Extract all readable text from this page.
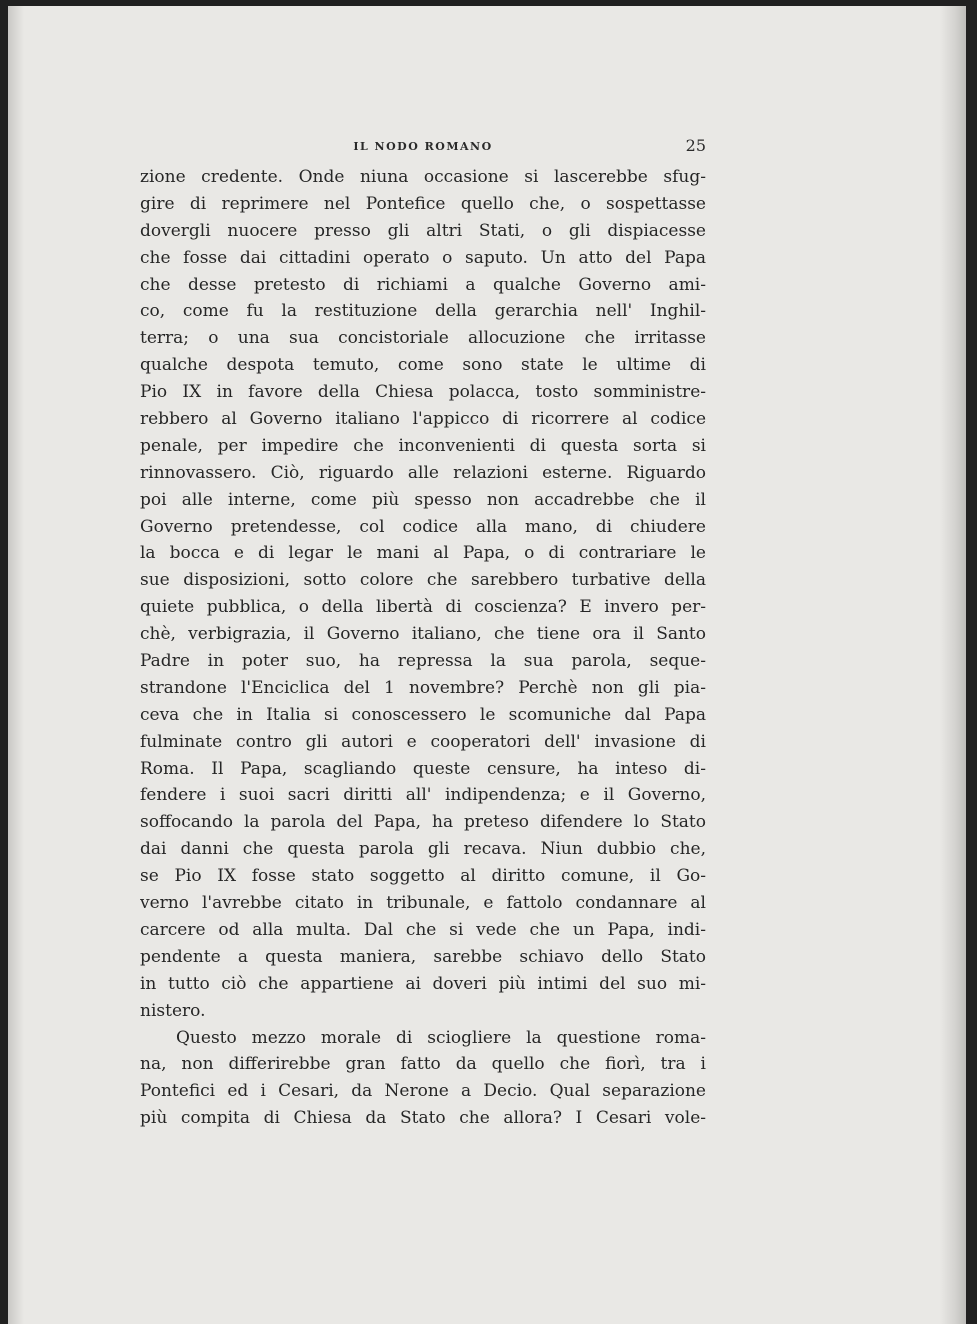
IL NODO ROMANO	25
zione credente. Onde niuna occasione si lascerebbe sfug-
gire di reprimere nel Pontefice quello che, o sospettasse
dovergli nuocere presso gli altri Stati, o gli dispiacesse
che fosse dai cittadini operato o saputo. Un atto del Papa
che desse pretesto di richiami a qualche Governo ami-
co, come fu la restituzione della gerarchia nell' Inghil-
terra; o una sua concistoriale allocuzione che irritasse
qualche despota temuto, come sono state le ultime di
Pio IX in favore della Chiesa polacca, tosto somministre-
rebbero al Governo italiano l'appicco di ricorrere al codice
penale, per impedire che inconvenienti di questa sorta si
rinnovassero. Ciò, riguardo alle relazioni esterne. Riguardo
poi alle interne, come più spesso non accadrebbe che il
Governo pretendesse, col codice alla mano, di chiudere
la bocca e di legar le mani al Papa, o di contrariare le
sue disposizioni, sotto colore che sarebbero turbative della
quiete pubblica, o della libertà di coscienza? E invero per-
chè, verbigrazia, il Governo italiano, che tiene ora il Santo
Padre in poter suo, ha repressa la sua parola, seque-
strandone l'Enciclica del 1 novembre? Perchè non gli pia-
ceva che in Italia si conoscessero le scomuniche dal Papa
fulminate contro gli autori e cooperatori dell' invasione di
Roma. Il Papa, scagliando queste censure, ha inteso di-
fendere i suoi sacri diritti all' indipendenza; e il Governo,
soffocando la parola del Papa, ha preteso difendere lo Stato
dai danni che questa parola gli recava. Niun dubbio che,
se Pio IX fosse stato soggetto al diritto comune, il Go-
verno l'avrebbe citato in tribunale, e fattolo condannare al
carcere od alla multa. Dal che si vede che un Papa, indi-
pendente a questa maniera, sarebbe schiavo dello Stato
in tutto ciò che appartiene ai doveri più intimi del suo mi-
nistero.
Questo mezzo morale di sciogliere la questione roma-
na, non differirebbe gran fatto da quello che fiorì, tra i
Pontefici ed i Cesari, da Nerone a Decio. Qual separazione
più compita di Chiesa da Stato che allora? I Cesari vole-
